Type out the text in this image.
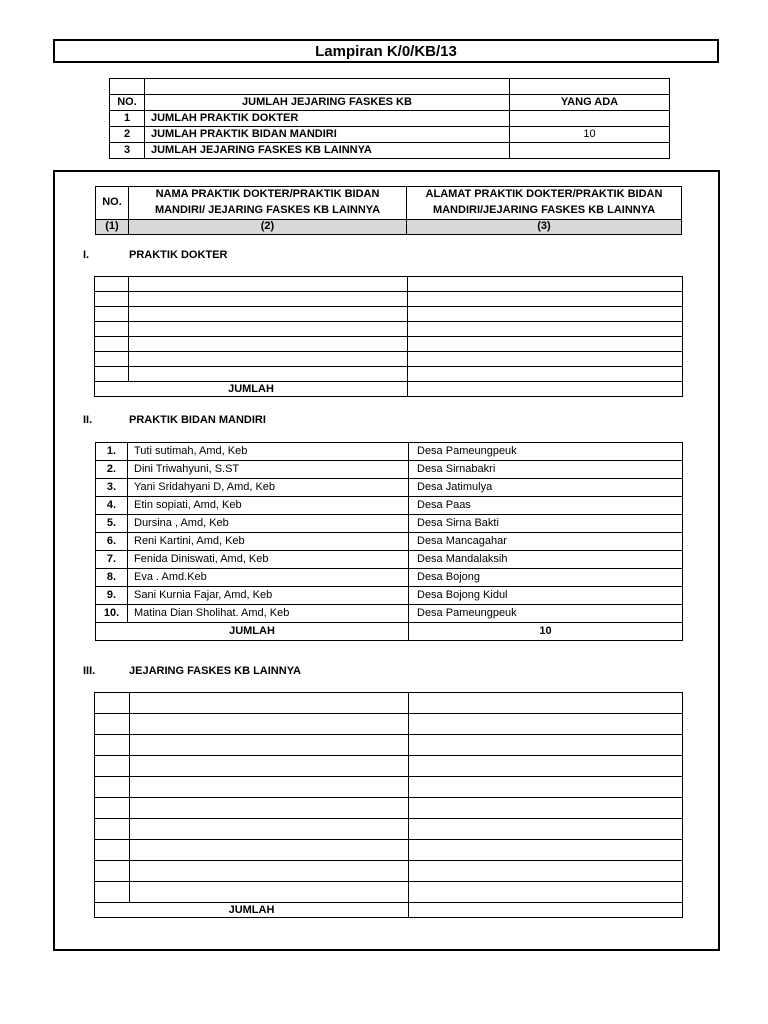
Lampiran K/0/KB/13

NO.	JUMLAH JEJARING FASKES KB	YANG ADA
1	JUMLAH PRAKTIK DOKTER	
2	JUMLAH PRAKTIK BIDAN MANDIRI	10
3	JUMLAH JEJARING FASKES KB LAINNYA	
NO.	NAMA PRAKTIK DOKTER/PRAKTIK BIDAN MANDIRI/ JEJARING FASKES KB LAINNYA	ALAMAT PRAKTIK DOKTER/PRAKTIK BIDAN MANDIRI/JEJARING FASKES KB LAINNYA
(1)	(2)	(3)
I.	PRAKTIK DOKTER

JUMLAH		
II.	PRAKTIK BIDAN MANDIRI
1.	Tuti sutimah, Amd, Keb	Desa Pameungpeuk
2.	Dini Triwahyuni, S.ST	Desa Sirnabakri
3.	Yani Sridahyani D, Amd, Keb	Desa Jatimulya
4.	Etin sopiati, Amd, Keb	Desa Paas
5.	Dursina , Amd, Keb	Desa Sirna Bakti
6.	Reni Kartini, Amd, Keb	Desa Mancagahar
7.	Fenida Diniswati, Amd, Keb	Desa Mandalaksih
8.	Eva . Amd.Keb	Desa Bojong
9.	Sani Kurnia Fajar, Amd, Keb	Desa Bojong Kidul
10.	Matina Dian Sholihat. Amd, Keb	Desa Pameungpeuk
JUMLAH		10
III.	JEJARING FASKES KB LAINNYA

JUMLAH		
